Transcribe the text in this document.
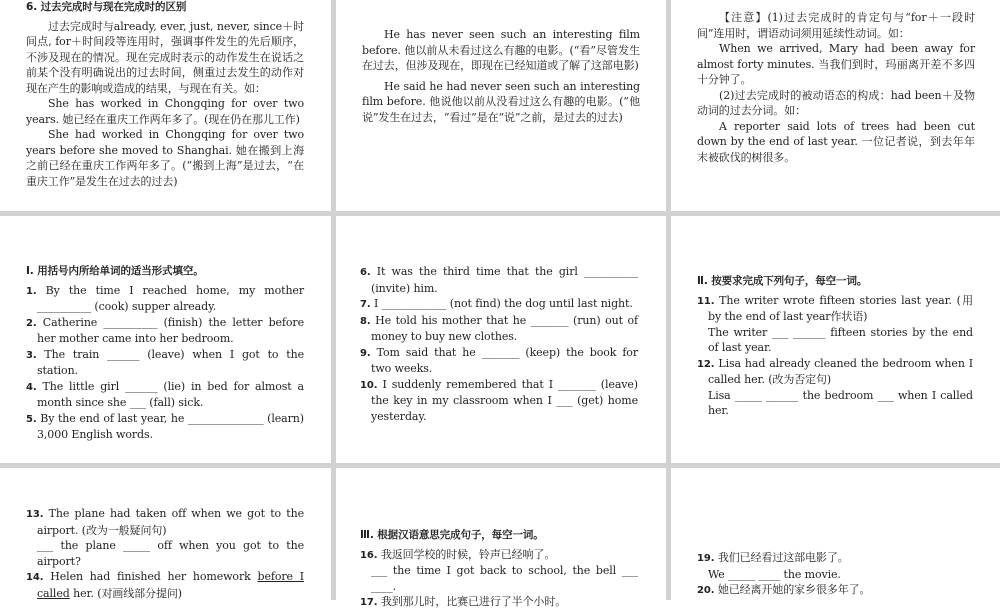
6. 过去完成时与现在完成时的区别

过去完成时与already, ever, just, never, since＋时间点, for＋时间段等连用时，强调事件发生的先后顺序，不涉及现在的情况。现在完成时表示的动作发生在说话之前某个没有明确说出的过去时间，侧重过去发生的动作对现在产生的影响或造成的结果，与现在有关。如：

She has worked in Chongqing for over two years. 她已经在重庆工作两年多了。(现在仍在那儿工作)

She had worked in Chongqing for over two years before she moved to Shanghai. 她在搬到上海之前已经在重庆工作两年多了。(“搬到上海”是过去，“在重庆工作”是发生在过去的过去)

He has never seen such an interesting film before. 他以前从未看过这么有趣的电影。(“看”尽管发生在过去，但涉及现在，即现在已经知道或了解了这部电影)

He said he had never seen such an interesting film before. 他说他以前从没看过这么有趣的电影。(“他说”发生在过去，“看过”是在“说”之前，是过去的过去)

【注意】(1)过去完成时的肯定句与“for＋一段时间”连用时，谓语动词须用延续性动词。如：

When we arrived, Mary had been away for almost forty minutes. 当我们到时，玛丽离开差不多四十分钟了。

(2)过去完成时的被动语态的构成：had been＋及物动词的过去分词。如：

A reporter said lots of trees had been cut down by the end of last year. 一位记者说，到去年年末被砍伐的树很多。

Ⅰ. 用括号内所给单词的适当形式填空。

1. By the time I reached home, my mother __________ (cook) supper already.

2. Catherine __________ (finish) the letter before her mother came into her bedroom.

3. The train ______ (leave) when I got to the station.

4. The little girl ______ (lie) in bed for almost a month since she ___ (fall) sick.

5. By the end of last year, he ______________ (learn) 3,000 English words.

6. It was the third time that the girl __________ (invite) him.

7. I ____________ (not find) the dog until last night.

8. He told his mother that he _______ (run) out of money to buy new clothes.

9. Tom said that he _______ (keep) the book for two weeks.

10. I suddenly remembered that I _______ (leave) the key in my classroom when I ___ (get) home yesterday.

Ⅱ. 按要求完成下列句子，每空一词。

11. The writer wrote fifteen stories last year. (用by the end of last year作状语)

The writer ___ ______ fifteen stories by the end of last year.

12. Lisa had already cleaned the bedroom when I called her. (改为否定句)

Lisa _____ ______ the bedroom ___ when I called her.

13. The plane had taken off when we got to the airport. (改为一般疑问句)

___ the plane _____ off when you got to the airport?

14. Helen had finished her homework before I called her. (对画线部分提问)

Ⅲ. 根据汉语意思完成句子，每空一词。

16. 我返回学校的时候，铃声已经响了。

___ the time I got back to school, the bell ___ ____.

17. 我到那儿时，比赛已进行了半个小时。

19. 我们已经看过这部电影了。

We _____ ____ the movie.

20. 她已经离开她的家乡很多年了。
